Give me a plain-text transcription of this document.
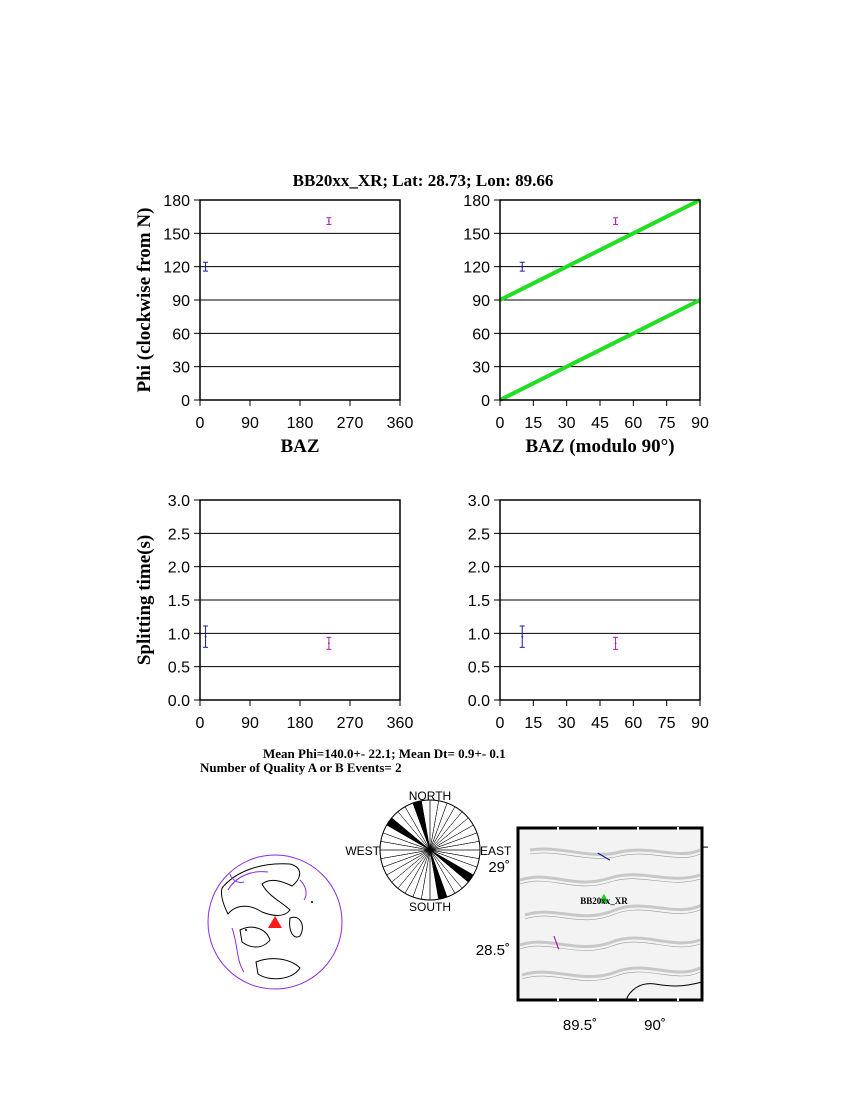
BB20xx_XR; Lat: 28.73; Lon: 89.66
0
30
60
90
120
150
180
0 90 180 270 360
BAZ
Phi (clockwise from N)
0
30
60
90
120
150
180
0 15 30 45 60 75 90
BAZ (modulo 90°)
0.0
0.5
1.0
1.5
2.0
2.5
3.0
0 90 180 270 360
Splitting time(s)
0.0
0.5
1.0
1.5
2.0
2.5
3.0
0 15 30 45 60 75 90
Mean Phi=140.0+- 22.1; Mean Dt= 0.9+- 0.1
Number of Quality A or B Events= 2
NORTH
SOUTH
WEST	EAST
BB20xx_XR
29˚
28.5˚
89.5˚	90˚
